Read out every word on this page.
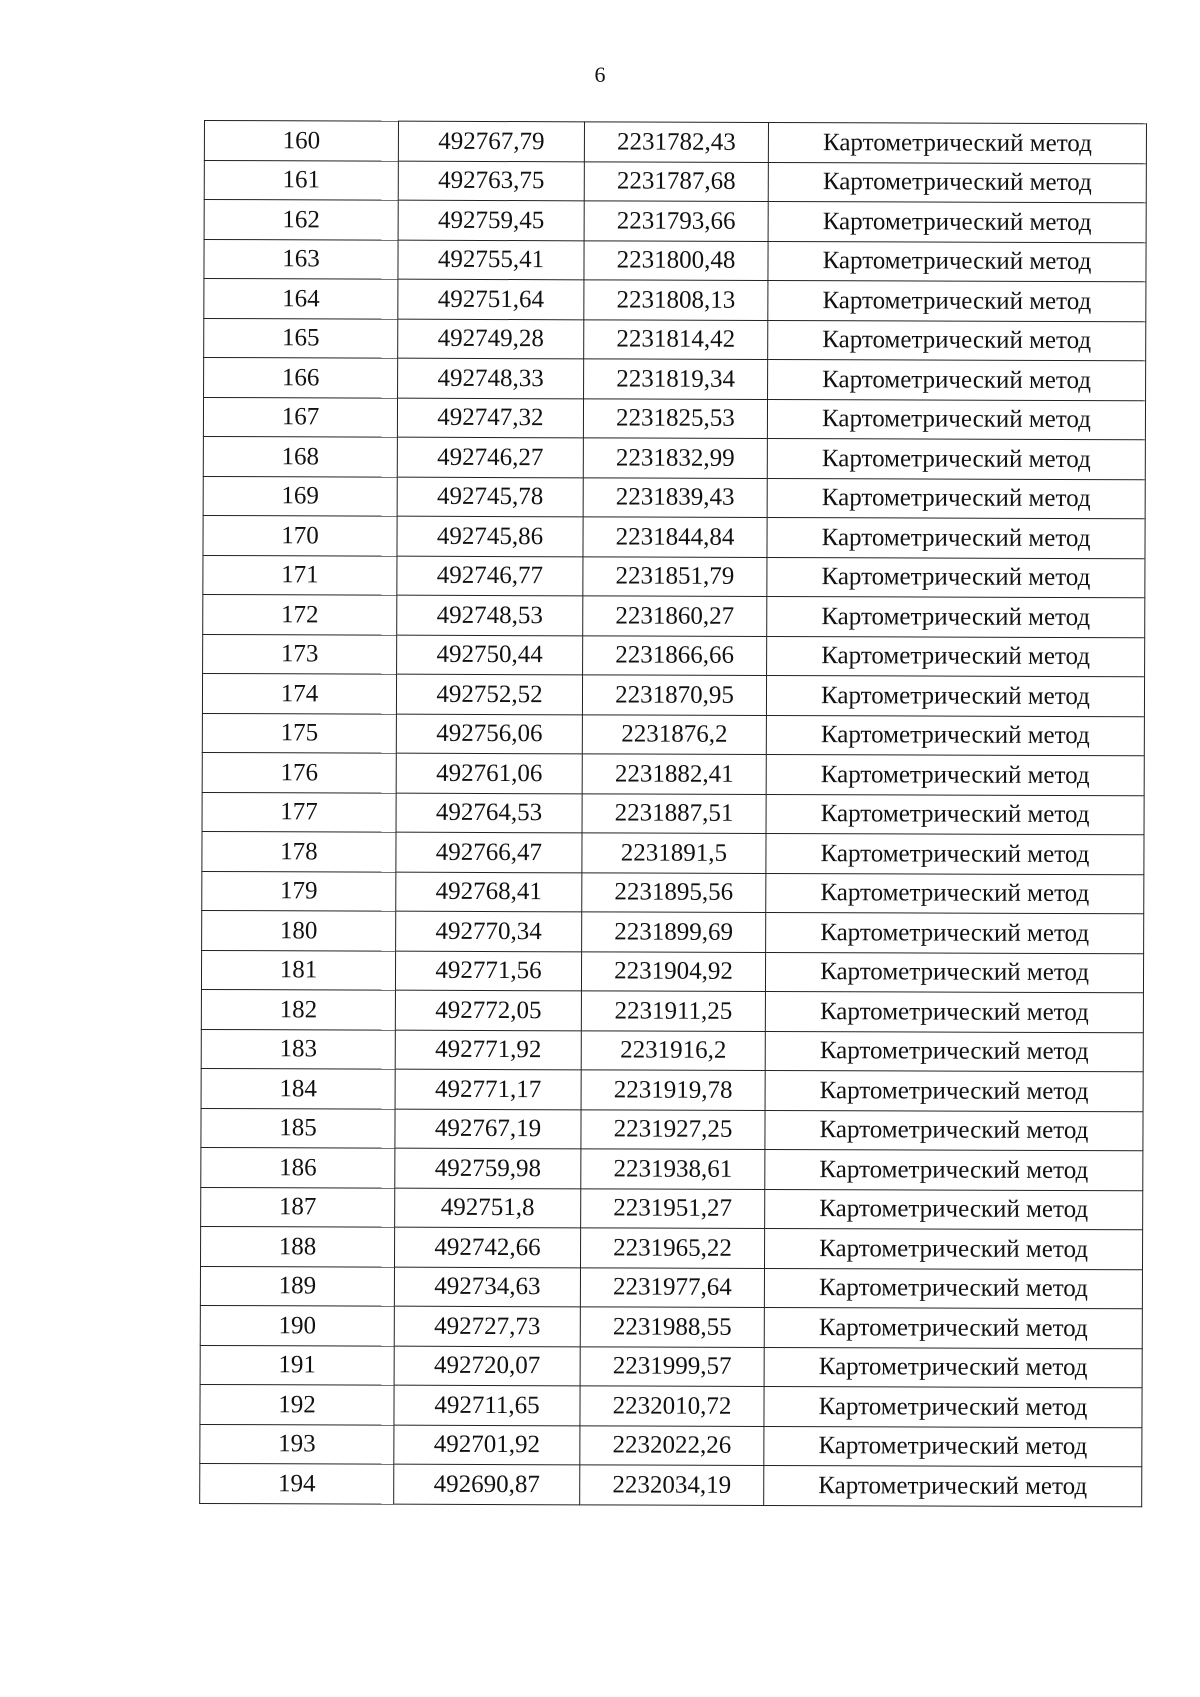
6
160	492767,79	2231782,43	Картометрический метод
161	492763,75	2231787,68	Картометрический метод
162	492759,45	2231793,66	Картометрический метод
163	492755,41	2231800,48	Картометрический метод
164	492751,64	2231808,13	Картометрический метод
165	492749,28	2231814,42	Картометрический метод
166	492748,33	2231819,34	Картометрический метод
167	492747,32	2231825,53	Картометрический метод
168	492746,27	2231832,99	Картометрический метод
169	492745,78	2231839,43	Картометрический метод
170	492745,86	2231844,84	Картометрический метод
171	492746,77	2231851,79	Картометрический метод
172	492748,53	2231860,27	Картометрический метод
173	492750,44	2231866,66	Картометрический метод
174	492752,52	2231870,95	Картометрический метод
175	492756,06	2231876,2	Картометрический метод
176	492761,06	2231882,41	Картометрический метод
177	492764,53	2231887,51	Картометрический метод
178	492766,47	2231891,5	Картометрический метод
179	492768,41	2231895,56	Картометрический метод
180	492770,34	2231899,69	Картометрический метод
181	492771,56	2231904,92	Картометрический метод
182	492772,05	2231911,25	Картометрический метод
183	492771,92	2231916,2	Картометрический метод
184	492771,17	2231919,78	Картометрический метод
185	492767,19	2231927,25	Картометрический метод
186	492759,98	2231938,61	Картометрический метод
187	492751,8	2231951,27	Картометрический метод
188	492742,66	2231965,22	Картометрический метод
189	492734,63	2231977,64	Картометрический метод
190	492727,73	2231988,55	Картометрический метод
191	492720,07	2231999,57	Картометрический метод
192	492711,65	2232010,72	Картометрический метод
193	492701,92	2232022,26	Картометрический метод
194	492690,87	2232034,19	Картометрический метод
